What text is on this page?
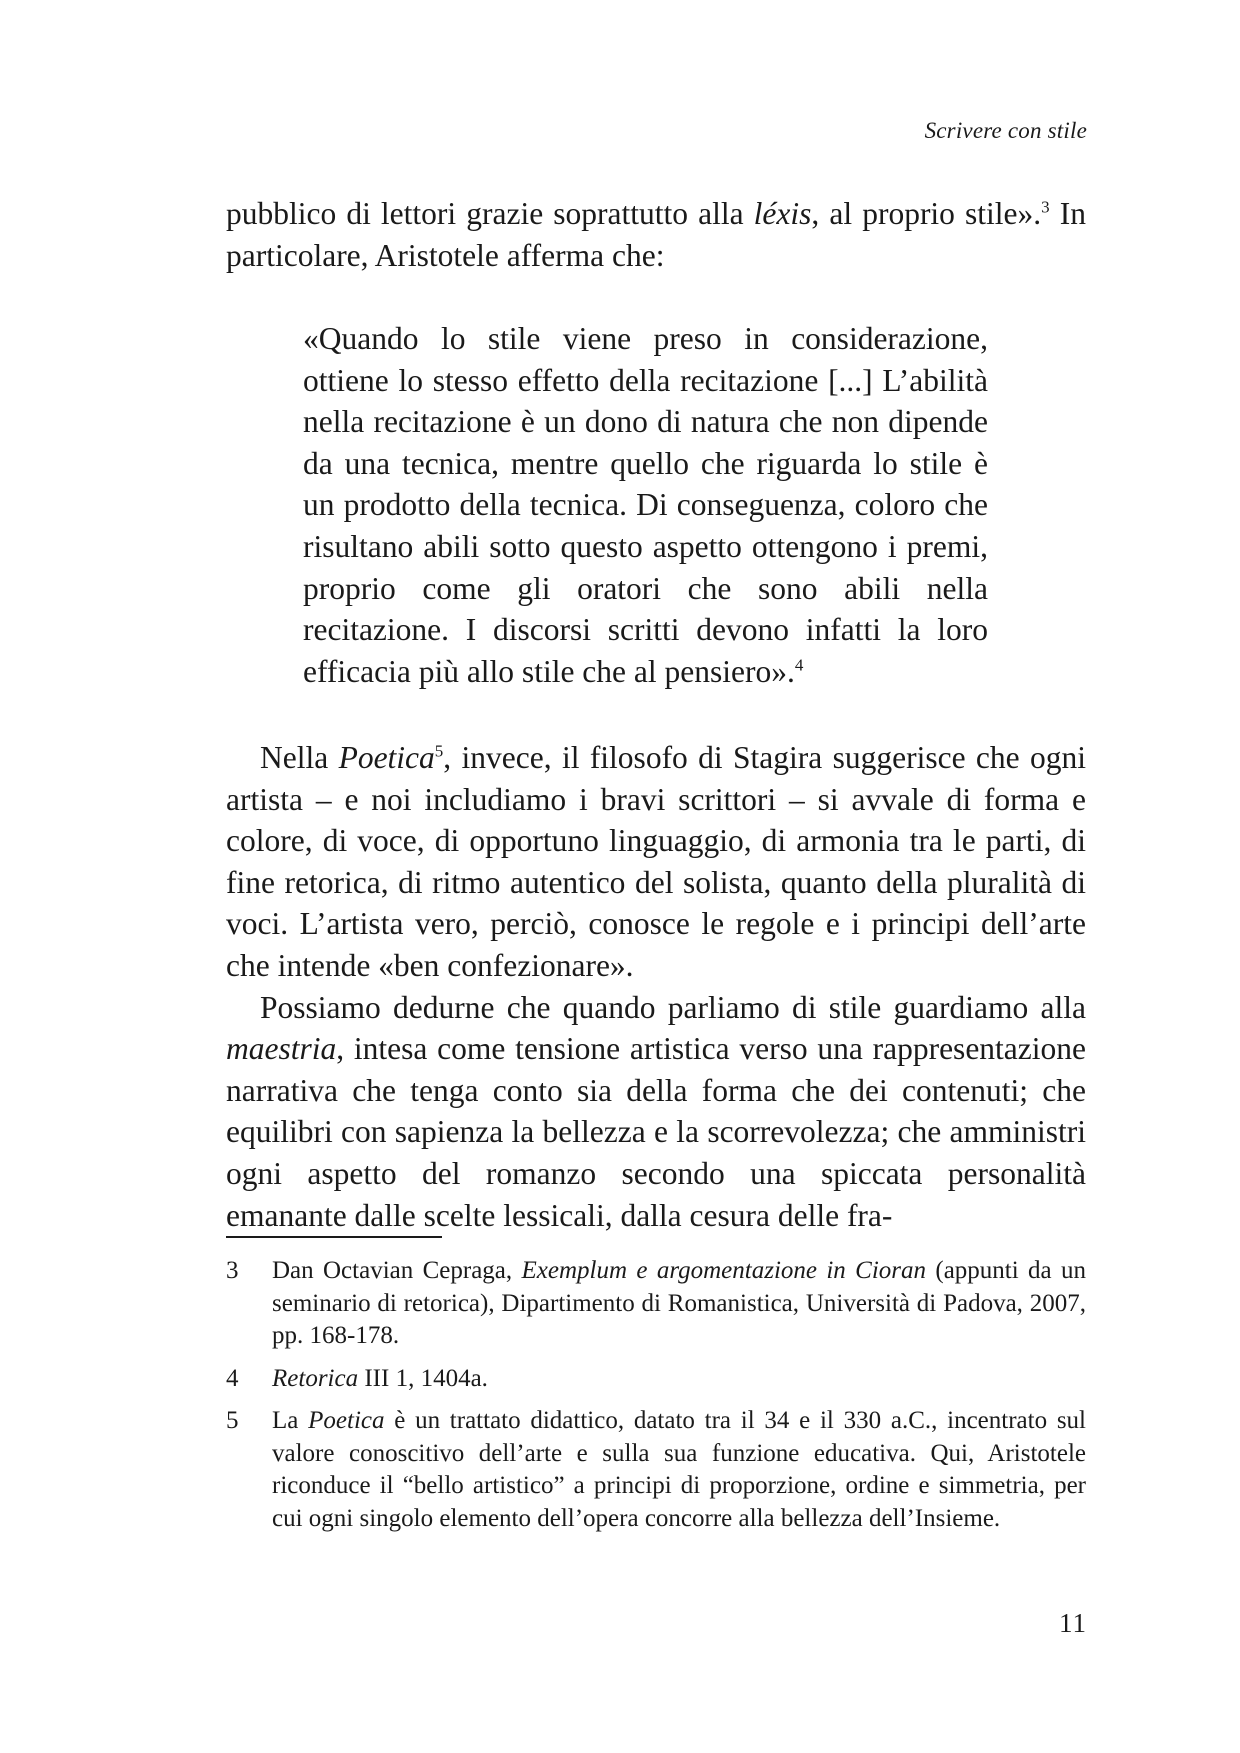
Scrivere con stile

pubblico di lettori grazie soprattutto alla léxis, al proprio stile».$^3$ In particolare, Aristotele afferma che:

«Quando lo stile viene preso in considerazione, ottiene lo stesso effetto della recitazione [...] L’abilità nella recitazione è un dono di natura che non dipende da una tecnica, mentre quello che riguarda lo stile è un prodotto della tecnica. Di conseguenza, coloro che risultano abili sotto questo aspetto ottengono i premi, proprio come gli oratori che sono abili nella recitazione. I discorsi scritti devono infatti la loro efficacia più allo stile che al pensiero».$^4$

Nella Poetica$^5$, invece, il filosofo di Stagira suggerisce che ogni artista – e noi includiamo i bravi scrittori – si avvale di forma e colore, di voce, di opportuno linguaggio, di armonia tra le parti, di fine retorica, di ritmo autentico del solista, quanto della pluralità di voci. L’artista vero, perciò, conosce le regole e i principi dell’arte che intende «ben confezionare».

Possiamo dedurne che quando parliamo di stile guardiamo alla maestria, intesa come tensione artistica verso una rappresentazione narrativa che tenga conto sia della forma che dei contenuti; che equilibri con sapienza la bellezza e la scorrevolezza; che amministri ogni aspetto del romanzo secondo una spiccata personalità emanante dalle scelte lessicali, dalla cesura delle fra-

3	Dan Octavian Cepraga, Exemplum e argomentazione in Cioran (appunti da un seminario di retorica), Dipartimento di Romanistica, Università di Padova, 2007, pp. 168-178.
4	Retorica III 1, 1404a.
5	La Poetica è un trattato didattico, datato tra il 34 e il 330 a.C., incentrato sul valore conoscitivo dell’arte e sulla sua funzione educativa. Qui, Aristotele riconduce il “bello artistico” a principi di proporzione, ordine e simmetria, per cui ogni singolo elemento dell’opera concorre alla bellezza dell’Insieme.
11
